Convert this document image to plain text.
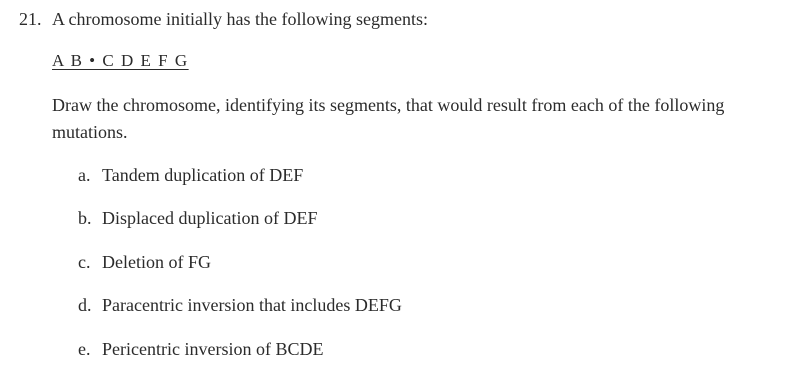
21. A chromosome initially has the following segments:
A B • C D E F G
Draw the chromosome, identifying its segments, that would result from each of the following mutations.
a. Tandem duplication of DEF
b. Displaced duplication of DEF
c. Deletion of FG
d. Paracentric inversion that includes DEFG
e. Pericentric inversion of BCDE
